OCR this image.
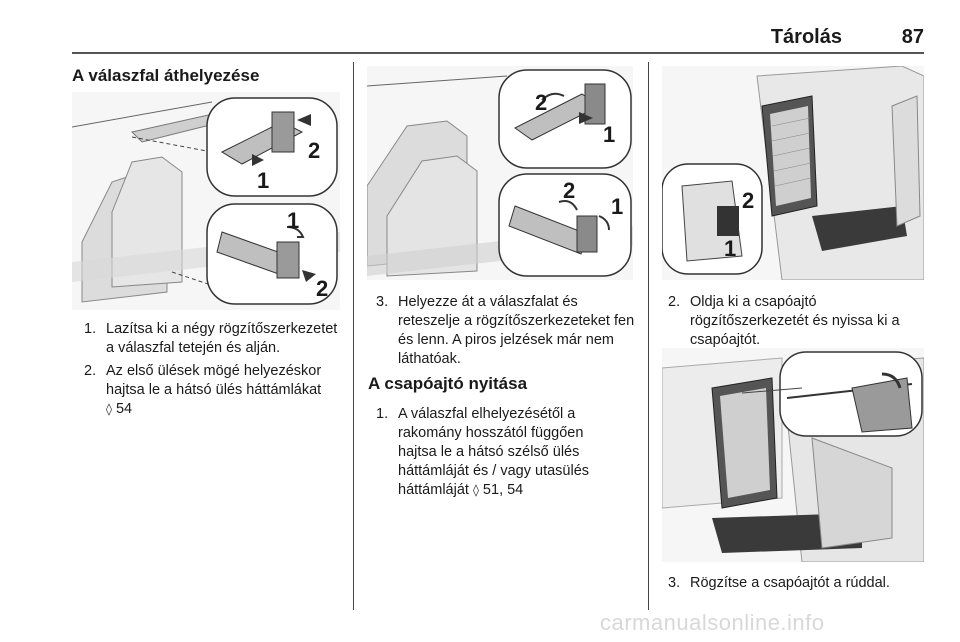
Tárolás	87
A válaszfal áthelyezése
2
1
1
2
1. Lazítsa ki a négy rögzítőszerkezetet a válaszfal tetején és alján.
2. Az első ülések mögé helyezéskor hajtsa le a hátsó ülés háttámlákat
◊ 54
2
1
2
1
3. Helyezze át a válaszfalat és reteszelje a rögzítőszerkezeteket fen és lenn. A piros jelzések már nem láthatóak.
A csapóajtó nyitása
1. A válaszfal elhelyezésétől a rakomány hosszától függően hajtsa le a hátsó szélső ülés háttámláját és / vagy utasülés háttámláját ◊ 51, 54
2
1
2. Oldja ki a csapóajtó rögzítőszerkezetét és nyissa ki a csapóajtót.
3. Rögzítse a csapóajtót a rúddal.
carmanualsonline.info
